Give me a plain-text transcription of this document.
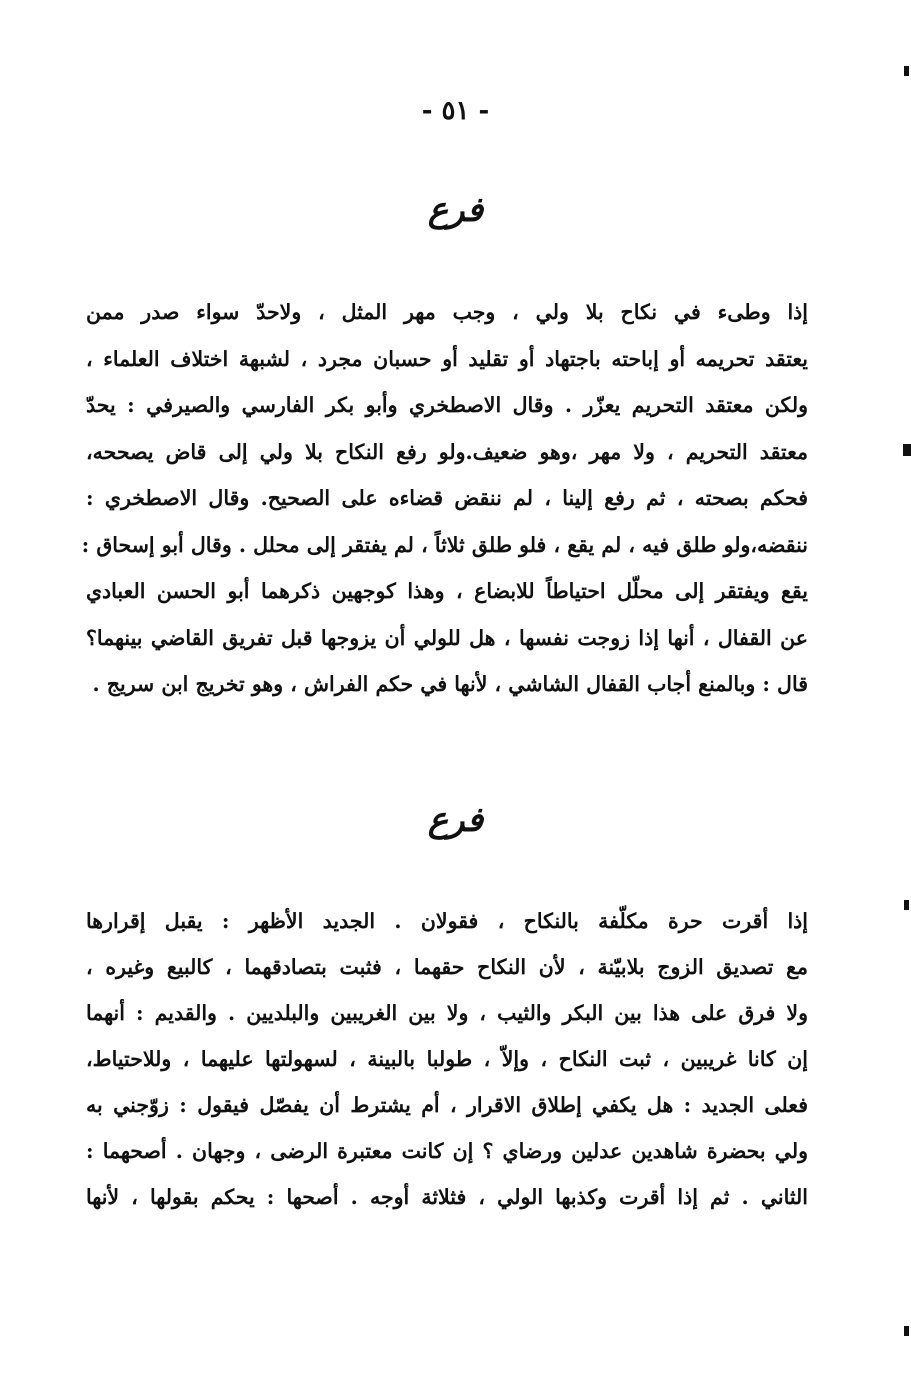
- ٥١ -
فرع
إذا وطىء في نكاح بلا ولي ، وجب مهر المثل ، ولاحدّ سواء صدر ممن
يعتقد تحريمه أو إباحته باجتهاد أو تقليد أو حسبان مجرد ، لشبهة اختلاف العلماء ،
ولكن معتقد التحريم يعزّر . وقال الاصطخري وأبو بكر الفارسي والصيرفي : يحدّ
معتقد التحريم ، ولا مهر ،وهو ضعيف.ولو رفع النكاح بلا ولي إلى قاض يصححه،
فحكم بصحته ، ثم رفع إلينا ، لم ننقض قضاءه على الصحيح. وقال الاصطخري :
ننقضه،ولو طلق فيه ، لم يقع ، فلو طلق ثلاثاً ، لم يفتقر إلى محلل . وقال أبو إسحاق :
يقع ويفتقر إلى محلّل احتياطاً للابضاع ، وهذا كوجهين ذكرهما أبو الحسن العبادي
عن القفال ، أنها إذا زوجت نفسها ، هل للولي أن يزوجها قبل تفريق القاضي بينهما؟
قال : وبالمنع أجاب القفال الشاشي ، لأنها في حكم الفراش ، وهو تخريج ابن سريج .
فرع
إذا أقرت حرة مكلّفة بالنكاح ، فقولان . الجديد الأظهر : يقبل إقرارها
مع تصديق الزوج بلابيّنة ، لأن النكاح حقهما ، فثبت بتصادقهما ، كالبيع وغيره ،
ولا فرق على هذا بين البكر والثيب ، ولا بين الغريبين والبلديين . والقديم : أنهما
إن كانا غريبين ، ثبت النكاح ، وإلاّ ، طولبا بالبينة ، لسهولتها عليهما ، وللاحتياط،
فعلى الجديد : هل يكفي إطلاق الاقرار ، أم يشترط أن يفصّل فيقول : زوّجني به
ولي بحضرة شاهدين عدلين ورضاي ؟ إن كانت معتبرة الرضى ، وجهان . أصحهما :
الثاني . ثم إذا أقرت وكذبها الولي ، فثلاثة أوجه . أصحها : يحكم بقولها ، لأنها
